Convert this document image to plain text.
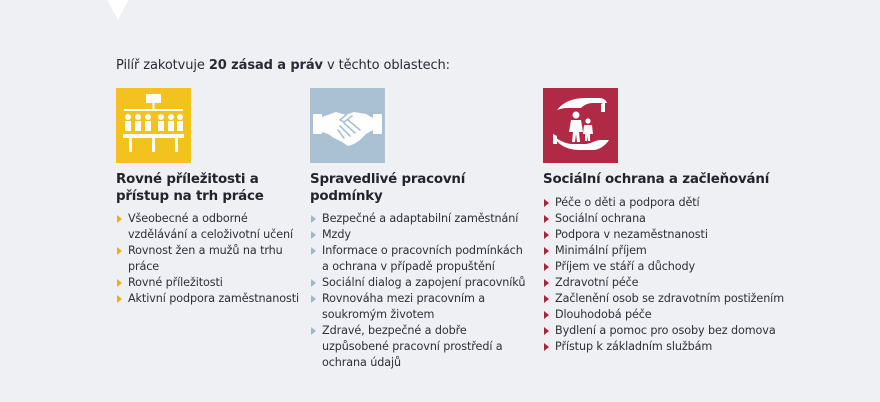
Pilíř zakotvuje 20 zásad a práv v těchto oblastech:
Rovné příležitosti a přístup na trh práce
Všeobecné a odborné vzdělávání a celoživotní učení
Rovnost žen a mužů na trhu práce
Rovné příležitosti
Aktivní podpora zaměstnanosti
Spravedlivé pracovní podmínky
Bezpečné a adaptabilní zaměstnání
Mzdy
Informace o pracovních podmínkách a ochrana v případě propuštění
Sociální dialog a zapojení pracovníků
Rovnováha mezi pracovním a soukromým životem
Zdravé, bezpečné a dobře uzpůsobené pracovní prostředí a ochrana údajů
Sociální ochrana a začleňování
Péče o děti a podpora dětí
Sociální ochrana
Podpora v nezaměstnanosti
Minimální příjem
Příjem ve stáří a důchody
Zdravotní péče
Začlenění osob se zdravotním postižením
Dlouhodobá péče
Bydlení a pomoc pro osoby bez domova
Přístup k základním službám
